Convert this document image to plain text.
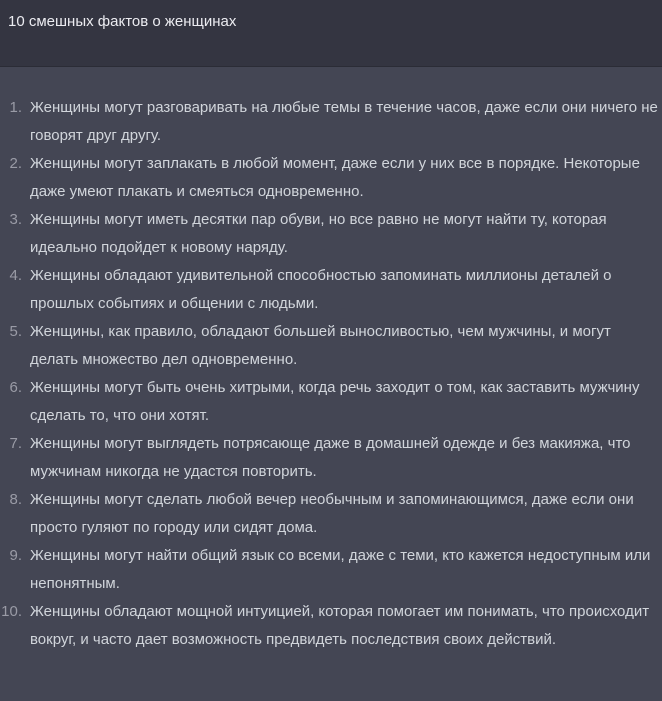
10 смешных фактов о женщинах
1. Женщины могут разговаривать на любые темы в течение часов, даже если они ничего не говорят друг другу.
2. Женщины могут заплакать в любой момент, даже если у них все в порядке. Некоторые даже умеют плакать и смеяться одновременно.
3. Женщины могут иметь десятки пар обуви, но все равно не могут найти ту, которая идеально подойдет к новому наряду.
4. Женщины обладают удивительной способностью запоминать миллионы деталей о прошлых событиях и общении с людьми.
5. Женщины, как правило, обладают большей выносливостью, чем мужчины, и могут делать множество дел одновременно.
6. Женщины могут быть очень хитрыми, когда речь заходит о том, как заставить мужчину сделать то, что они хотят.
7. Женщины могут выглядеть потрясающе даже в домашней одежде и без макияжа, что мужчинам никогда не удастся повторить.
8. Женщины могут сделать любой вечер необычным и запоминающимся, даже если они просто гуляют по городу или сидят дома.
9. Женщины могут найти общий язык со всеми, даже с теми, кто кажется недоступным или непонятным.
10. Женщины обладают мощной интуицией, которая помогает им понимать, что происходит вокруг, и часто дает возможность предвидеть последствия своих действий.
